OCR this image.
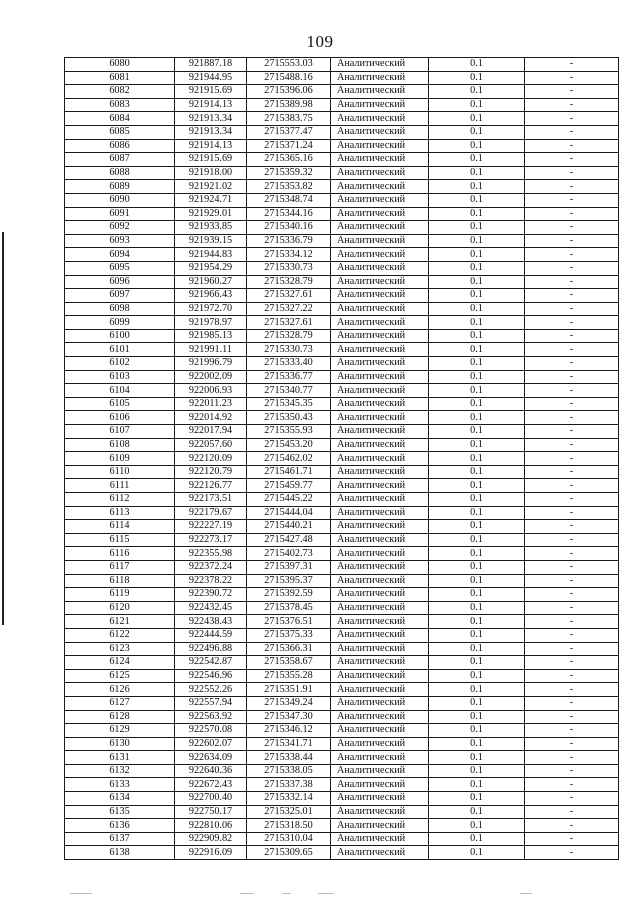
109
6080	921887.18	2715553.03	Аналитический	0.1	-
6081	921944.95	2715488.16	Аналитический	0.1	-
6082	921915.69	2715396.06	Аналитический	0.1	-
6083	921914.13	2715389.98	Аналитический	0.1	-
6084	921913.34	2715383.75	Аналитический	0.1	-
6085	921913.34	2715377.47	Аналитический	0.1	-
6086	921914.13	2715371.24	Аналитический	0.1	-
6087	921915.69	2715365.16	Аналитический	0.1	-
6088	921918.00	2715359.32	Аналитический	0.1	-
6089	921921.02	2715353.82	Аналитический	0.1	-
6090	921924.71	2715348.74	Аналитический	0.1	-
6091	921929.01	2715344.16	Аналитический	0.1	-
6092	921933.85	2715340.16	Аналитический	0.1	-
6093	921939.15	2715336.79	Аналитический	0.1	-
6094	921944.83	2715334.12	Аналитический	0.1	-
6095	921954.29	2715330.73	Аналитический	0.1	-
6096	921960.27	2715328.79	Аналитический	0.1	-
6097	921966.43	2715327.61	Аналитический	0.1	-
6098	921972.70	2715327.22	Аналитический	0.1	-
6099	921978.97	2715327.61	Аналитический	0.1	-
6100	921985.13	2715328.79	Аналитический	0.1	-
6101	921991.11	2715330.73	Аналитический	0.1	-
6102	921996.79	2715333.40	Аналитический	0.1	-
6103	922002.09	2715336.77	Аналитический	0.1	-
6104	922006.93	2715340.77	Аналитический	0.1	-
6105	922011.23	2715345.35	Аналитический	0.1	-
6106	922014.92	2715350.43	Аналитический	0.1	-
6107	922017.94	2715355.93	Аналитический	0.1	-
6108	922057.60	2715453.20	Аналитический	0.1	-
6109	922120.09	2715462.02	Аналитический	0.1	-
6110	922120.79	2715461.71	Аналитический	0.1	-
6111	922126.77	2715459.77	Аналитический	0.1	-
6112	922173.51	2715445.22	Аналитический	0.1	-
6113	922179.67	2715444.04	Аналитический	0.1	-
6114	922227.19	2715440.21	Аналитический	0.1	-
6115	922273.17	2715427.48	Аналитический	0.1	-
6116	922355.98	2715402.73	Аналитический	0.1	-
6117	922372.24	2715397.31	Аналитический	0.1	-
6118	922378.22	2715395.37	Аналитический	0.1	-
6119	922390.72	2715392.59	Аналитический	0.1	-
6120	922432.45	2715378.45	Аналитический	0.1	-
6121	922438.43	2715376.51	Аналитический	0.1	-
6122	922444.59	2715375.33	Аналитический	0.1	-
6123	922496.88	2715366.31	Аналитический	0.1	-
6124	922542.87	2715358.67	Аналитический	0.1	-
6125	922546.96	2715355.28	Аналитический	0.1	-
6126	922552.26	2715351.91	Аналитический	0.1	-
6127	922557.94	2715349.24	Аналитический	0.1	-
6128	922563.92	2715347.30	Аналитический	0.1	-
6129	922570.08	2715346.12	Аналитический	0.1	-
6130	922602.07	2715341.71	Аналитический	0.1	-
6131	922634.09	2715338.44	Аналитический	0.1	-
6132	922640.36	2715338.05	Аналитический	0.1	-
6133	922672.43	2715337.38	Аналитический	0.1	-
6134	922700.40	2715332.14	Аналитический	0.1	-
6135	922750.17	2715325.01	Аналитический	0.1	-
6136	922810.06	2715318.50	Аналитический	0.1	-
6137	922909.82	2715310.04	Аналитический	0.1	-
6138	922916.09	2715309.65	Аналитический	0.1	-
